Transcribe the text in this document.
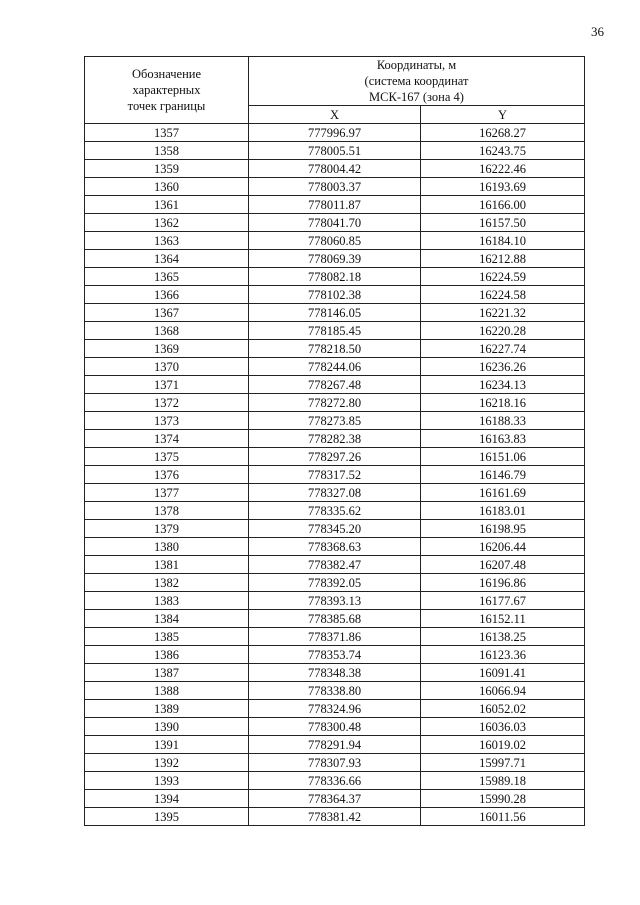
36
Обозначение
характерных
точек границы	Координаты, м
(система координат
МСК-167 (зона 4)	

	X	Y
1357	777996.97	16268.27
1358	778005.51	16243.75
1359	778004.42	16222.46
1360	778003.37	16193.69
1361	778011.87	16166.00
1362	778041.70	16157.50
1363	778060.85	16184.10
1364	778069.39	16212.88
1365	778082.18	16224.59
1366	778102.38	16224.58
1367	778146.05	16221.32
1368	778185.45	16220.28
1369	778218.50	16227.74
1370	778244.06	16236.26
1371	778267.48	16234.13
1372	778272.80	16218.16
1373	778273.85	16188.33
1374	778282.38	16163.83
1375	778297.26	16151.06
1376	778317.52	16146.79
1377	778327.08	16161.69
1378	778335.62	16183.01
1379	778345.20	16198.95
1380	778368.63	16206.44
1381	778382.47	16207.48
1382	778392.05	16196.86
1383	778393.13	16177.67
1384	778385.68	16152.11
1385	778371.86	16138.25
1386	778353.74	16123.36
1387	778348.38	16091.41
1388	778338.80	16066.94
1389	778324.96	16052.02
1390	778300.48	16036.03
1391	778291.94	16019.02
1392	778307.93	15997.71
1393	778336.66	15989.18
1394	778364.37	15990.28
1395	778381.42	16011.56
